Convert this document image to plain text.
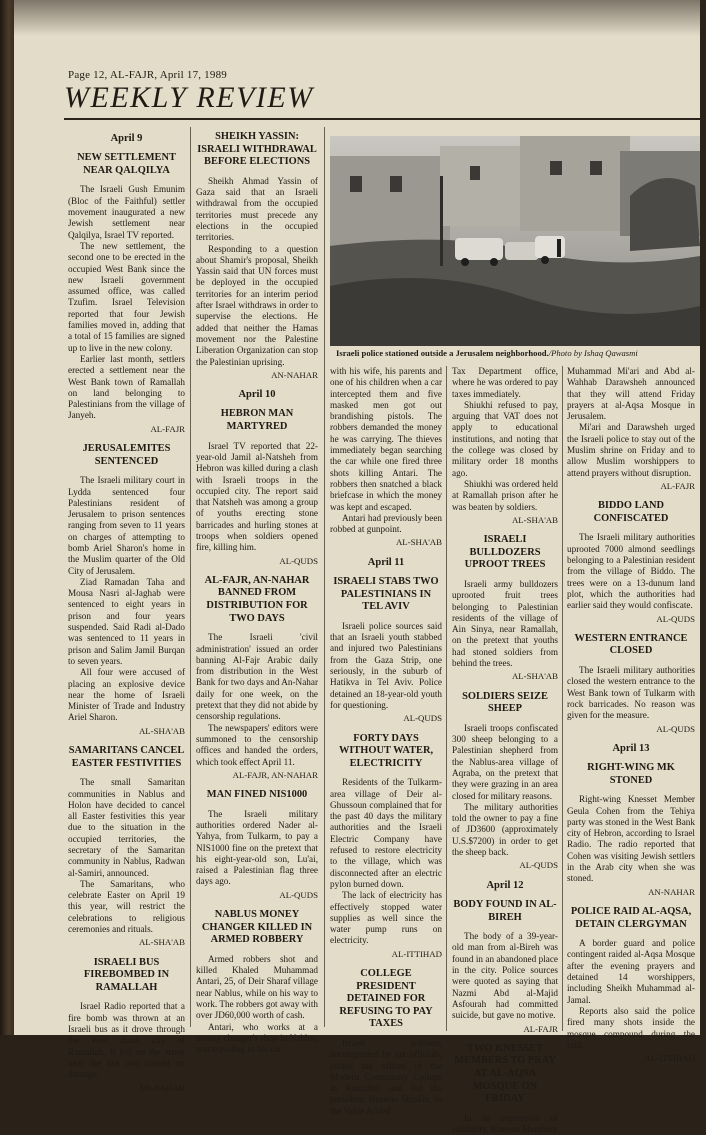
Page 12, AL-FAJR, April 17, 1989
WEEKLY REVIEW
April 9
NEW SETTLEMENT NEAR QALQILYA

The Israeli Gush Emunim (Bloc of the Faithful) settler movement inaugurated a new Jewish settlement near Qalqilya, Israel TV reported.

The new settlement, the second one to be erected in the occupied West Bank since the new Israeli government assumed office, was called Tzufim. Israel Television reported that four Jewish families moved in, adding that a total of 15 families are signed up to live in the new colony.

Earlier last month, settlers erected a settlement near the West Bank town of Ramallah on land belonging to Palestinians from the village of Janyeh.

AL-FAJR
JERUSALEMITES SENTENCED

The Israeli military court in Lydda sentenced four Palestinians resident of Jerusalem to prison sentences ranging from seven to 11 years on charges of attempting to bomb Ariel Sharon's home in the Muslim quarter of the Old City of Jerusalem.

Ziad Ramadan Taha and Mousa Nasri al-Jaghab were sentenced to eight years in prison and four years suspended. Said Radi al-Dado was sentenced to 11 years in prison and Salim Jamil Burqan to seven years.

All four were accused of placing an explosive device near the home of Israeli Minister of Trade and Industry Ariel Sharon.

AL-SHA'AB
SAMARITANS CANCEL EASTER FESTIVITIES

The small Samaritan communities in Nablus and Holon have decided to cancel all Easter festivities this year due to the situation in the occupied territories, the secretary of the Samaritan community in Nablus, Radwan al-Samiri, announced.

The Samaritans, who celebrate Easter on April 19 this year, will restrict the celebrations to religious ceremonies and rituals.

AL-SHA'AB
ISRAELI BUS FIREBOMBED IN RAMALLAH

Israel Radio reported that a fire bomb was thrown at an Israeli bus as it drove through the West Bank city of Ramallah. It fell on the street near the bus and caused no damage.

AN-NAHAR
SHEIKH YASSIN: ISRAELI WITHDRAWAL BEFORE ELECTIONS

Sheikh Ahmad Yassin of Gaza said that an Israeli withdrawal from the occupied territories must precede any elections in the occupied territories.

Responding to a question about Shamir's proposal, Sheikh Yassin said that UN forces must be deployed in the occupied territories for an interim period after Israel withdraws in order to supervise the elections. He added that neither the Hamas movement nor the Palestine Liberation Organization can stop the Palestinian uprising.

AN-NAHAR
April 10
HEBRON MAN MARTYRED

Israel TV reported that 22-year-old Jamil al-Natsheh from Hebron was killed during a clash with Israeli troops in the occupied city. The report said that Natsheh was among a group of youths erecting stone barricades and hurling stones at troops when soldiers opened fire, killing him.

AL-QUDS
AL-FAJR, AN-NAHAR BANNED FROM DISTRIBUTION FOR TWO DAYS

The Israeli 'civil administration' issued an order banning Al-Fajr Arabic daily from distribution in the West Bank for two days and An-Nahar daily for one week, on the pretext that they did not abide by censorship regulations.

The newspapers' editors were summoned to the censorship offices and handed the orders, which took effect April 11.

AL-FAJR, AN-NAHAR
MAN FINED NIS1000

The Israeli military authorities ordered Nader al-Yahya, from Tulkarm, to pay a NIS1000 fine on the pretext that his eight-year-old son, Lu'ai, raised a Palestinian flag three days ago.

AL-QUDS
NABLUS MONEY CHANGER KILLED IN ARMED ROBBERY

Armed robbers shot and killed Khaled Muhammad Antari, 25, of Deir Sharaf village near Nablus, while on his way to work. The robbers got away with over JD60,000 worth of cash.

Antari, who works at a money changer's shop in Nablus, was traveling in his car

Israeli police stationed outside a Jerusalem neighborhood./Photo by Ishaq Qawasmi

with his wife, his parents and one of his children when a car intercepted them and five masked men got out brandishing pistols. The robbers demanded the money he was carrying. The thieves immediately began searching the car while one fired three shots killing Antari. The robbers then snatched a black briefcase in which the money was kept and escaped.

Antari had previously been robbed at gunpoint.

AL-SHA'AB
April 11
ISRAELI STABS TWO PALESTINIANS IN TEL AVIV

Israeli police sources said that an Israeli youth stabbed and injured two Palestinians from the Gaza Strip, one seriously, in the suburb of Hatikva in Tel Aviv. Police detained an 18-year-old youth for questioning.

AL-QUDS
FORTY DAYS WITHOUT WATER, ELECTRICITY

Residents of the Tulkarm-area village of Deir al-Ghussoun complained that for the past 40 days the military authorities and the Israeli Electric Company have refused to restore electricity to the village, which was disconnected after an electric pylon burned down.

The lack of electricity has effectively stopped water supplies as well since the water pump runs on electricity.

AL-ITTIHAD
COLLEGE PRESIDENT DETAINED FOR REFUSING TO PAY TAXES

Israeli soldiers, accompanied by tax officials, raided the offices of the Modern Community College in Ramallah and led the president, Hussein Shiukhi, to the Value Added

Tax Department office, where he was ordered to pay taxes immediately.

Shiukhi refused to pay, arguing that VAT does not apply to educational institutions, and noting that the college was closed by military order 18 months ago.

Shiukhi was ordered held at Ramallah prison after he was beaten by soldiers.

AL-SHA'AB
ISRAELI BULLDOZERS UPROOT TREES

Israeli army bulldozers uprooted fruit trees belonging to Palestinian residents of the village of Ain Sinya, near Ramallah, on the pretext that youths had stoned soldiers from behind the trees.

AL-SHA'AB
SOLDIERS SEIZE SHEEP

Israeli troops confiscated 300 sheep belonging to a Palestinian shepherd from the Nablus-area village of Aqraba, on the pretext that they were grazing in an area closed for military reasons.

The military authorities told the owner to pay a fine of JD3600 (approximately U.S.$7200) in order to get the sheep back.

AL-QUDS
April 12
BODY FOUND IN AL-BIREH

The body of a 39-year-old man from al-Bireh was found in an abandoned place in the city. Police sources were quoted as saying that Nazmi Abd al-Majid Asfourah had committed suicide, but gave no motive.

AL-FAJR
TWO KNESSET MEMBERS TO PRAY AT AL-AQSA MOSQUE ON FRIDAY

In an expression of solidarity, Knesset Members

Muhammad Mi'ari and Abd al-Wahhab Darawsheh announced that they will attend Friday prayers at al-Aqsa Mosque in Jerusalem.

Mi'ari and Darawsheh urged the Israeli police to stay out of the Muslim shrine on Friday and to allow Muslim worshippers to attend prayers without disruption.

AL-FAJR
BIDDO LAND CONFISCATED

The Israeli military authorities uprooted 7000 almond seedlings belonging to a Palestinian resident from the village of Biddo. The trees were on a 13-dunum land plot, which the authorities had earlier said they would confiscate.

AL-QUDS
WESTERN ENTRANCE CLOSED

The Israeli military authorities closed the western entrance to the West Bank town of Tulkarm with rock barricades. No reason was given for the measure.

AL-QUDS
April 13
RIGHT-WING MK STONED

Right-wing Knesset Member Geula Cohen from the Tehiya party was stoned in the West Bank city of Hebron, according to Israel Radio. The radio reported that Cohen was visiting Jewish settlers in the Arab city when she was stoned.

AN-NAHAR
POLICE RAID AL-AQSA, DETAIN CLERGYMAN

A border guard and police contingent raided al-Aqsa Mosque after the evening prayers and detained 14 worshippers, including Sheikh Muhammad al-Jamal.

Reports also said the police fired many shots inside the mosque compound during the raid.

AL-ITTIHAD
